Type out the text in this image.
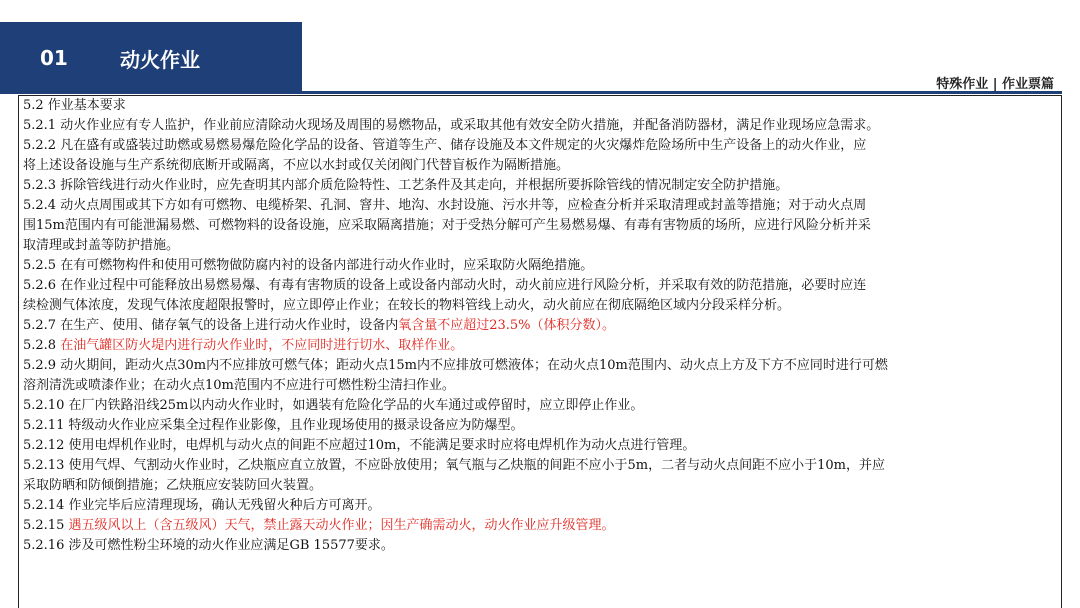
01	动火作业
特殊作业 | 作业票篇
5.2 作业基本要求
5.2.1 动火作业应有专人监护，作业前应清除动火现场及周围的易燃物品，或采取其他有效安全防火措施，并配备消防器材，满足作业现场应急需求。
5.2.2 凡在盛有或盛装过助燃或易燃易爆危险化学品的设备、管道等生产、储存设施及本文件规定的火灾爆炸危险场所中生产设备上的动火作业，应
将上述设备设施与生产系统彻底断开或隔离，不应以水封或仅关闭阀门代替盲板作为隔断措施。
5.2.3 拆除管线进行动火作业时，应先查明其内部介质危险特性、工艺条件及其走向，并根据所要拆除管线的情况制定安全防护措施。
5.2.4 动火点周围或其下方如有可燃物、电缆桥架、孔洞、窨井、地沟、水封设施、污水井等，应检查分析并采取清理或封盖等措施；对于动火点周
围15m范围内有可能泄漏易燃、可燃物料的设备设施，应采取隔离措施；对于受热分解可产生易燃易爆、有毒有害物质的场所，应进行风险分析并采
取清理或封盖等防护措施。
5.2.5 在有可燃物构件和使用可燃物做防腐内衬的设备内部进行动火作业时，应采取防火隔绝措施。
5.2.6 在作业过程中可能释放出易燃易爆、有毒有害物质的设备上或设备内部动火时，动火前应进行风险分析，并采取有效的防范措施，必要时应连
续检测气体浓度，发现气体浓度超限报警时，应立即停止作业；在较长的物料管线上动火，动火前应在彻底隔绝区域内分段采样分析。
5.2.7 在生产、使用、储存氧气的设备上进行动火作业时，设备内氧含量不应超过23.5%（体积分数）。
5.2.8 在油气罐区防火堤内进行动火作业时，不应同时进行切水、取样作业。
5.2.9 动火期间，距动火点30m内不应排放可燃气体；距动火点15m内不应排放可燃液体；在动火点10m范围内、动火点上方及下方不应同时进行可燃
溶剂清洗或喷漆作业；在动火点10m范围内不应进行可燃性粉尘清扫作业。
5.2.10 在厂内铁路沿线25m以内动火作业时，如遇装有危险化学品的火车通过或停留时，应立即停止作业。
5.2.11 特级动火作业应采集全过程作业影像，且作业现场使用的摄录设备应为防爆型。
5.2.12 使用电焊机作业时，电焊机与动火点的间距不应超过10m，不能满足要求时应将电焊机作为动火点进行管理。
5.2.13 使用气焊、气割动火作业时，乙炔瓶应直立放置，不应卧放使用；氧气瓶与乙炔瓶的间距不应小于5m，二者与动火点间距不应小于10m，并应
采取防晒和防倾倒措施；乙炔瓶应安装防回火装置。
5.2.14 作业完毕后应清理现场，确认无残留火种后方可离开。
5.2.15 遇五级风以上（含五级风）天气，禁止露天动火作业；因生产确需动火，动火作业应升级管理。
5.2.16 涉及可燃性粉尘环境的动火作业应满足GB 15577要求。
